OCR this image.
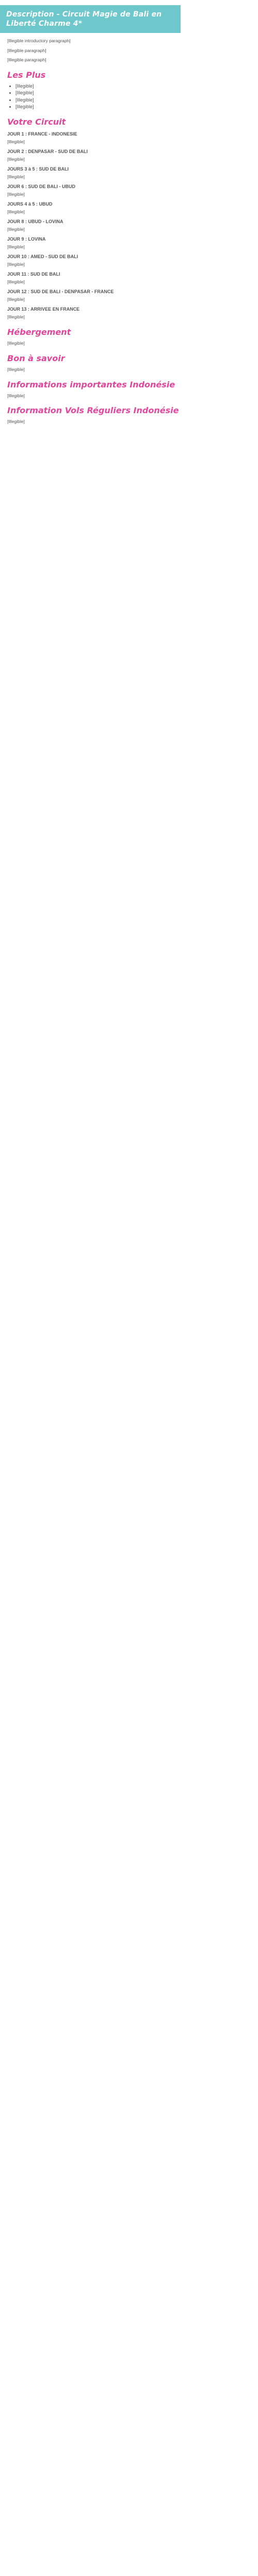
Description - Circuit Magie de Bali en
Liberté Charme 4*

[Illegible introductory paragraph]

[Illegible paragraph]

[Illegible paragraph]

Les Plus
• [Illegible]
• [Illegible]
• [Illegible]
• [Illegible]
Votre Circuit
JOUR 1 : FRANCE - INDONESIE

[Illegible]

JOUR 2 : DENPASAR - SUD DE BALI

[Illegible]

JOURS 3 à 5 : SUD DE BALI

[Illegible]

JOUR 6 : SUD DE BALI - UBUD

[Illegible]

JOURS 4 à 5 : UBUD

[Illegible]

JOUR 8 : UBUD - LOVINA

[Illegible]

JOUR 9 : LOVINA

[Illegible]

JOUR 10 : AMED - SUD DE BALI

[Illegible]

JOUR 11 : SUD DE BALI

[Illegible]

JOUR 12 : SUD DE BALI - DENPASAR - FRANCE

[Illegible]

JOUR 13 : ARRIVEE EN FRANCE

[Illegible]

Hébergement

[Illegible]

Bon à savoir

[Illegible]

Informations importantes Indonésie

[Illegible]

Information Vols Réguliers Indonésie

[Illegible]
